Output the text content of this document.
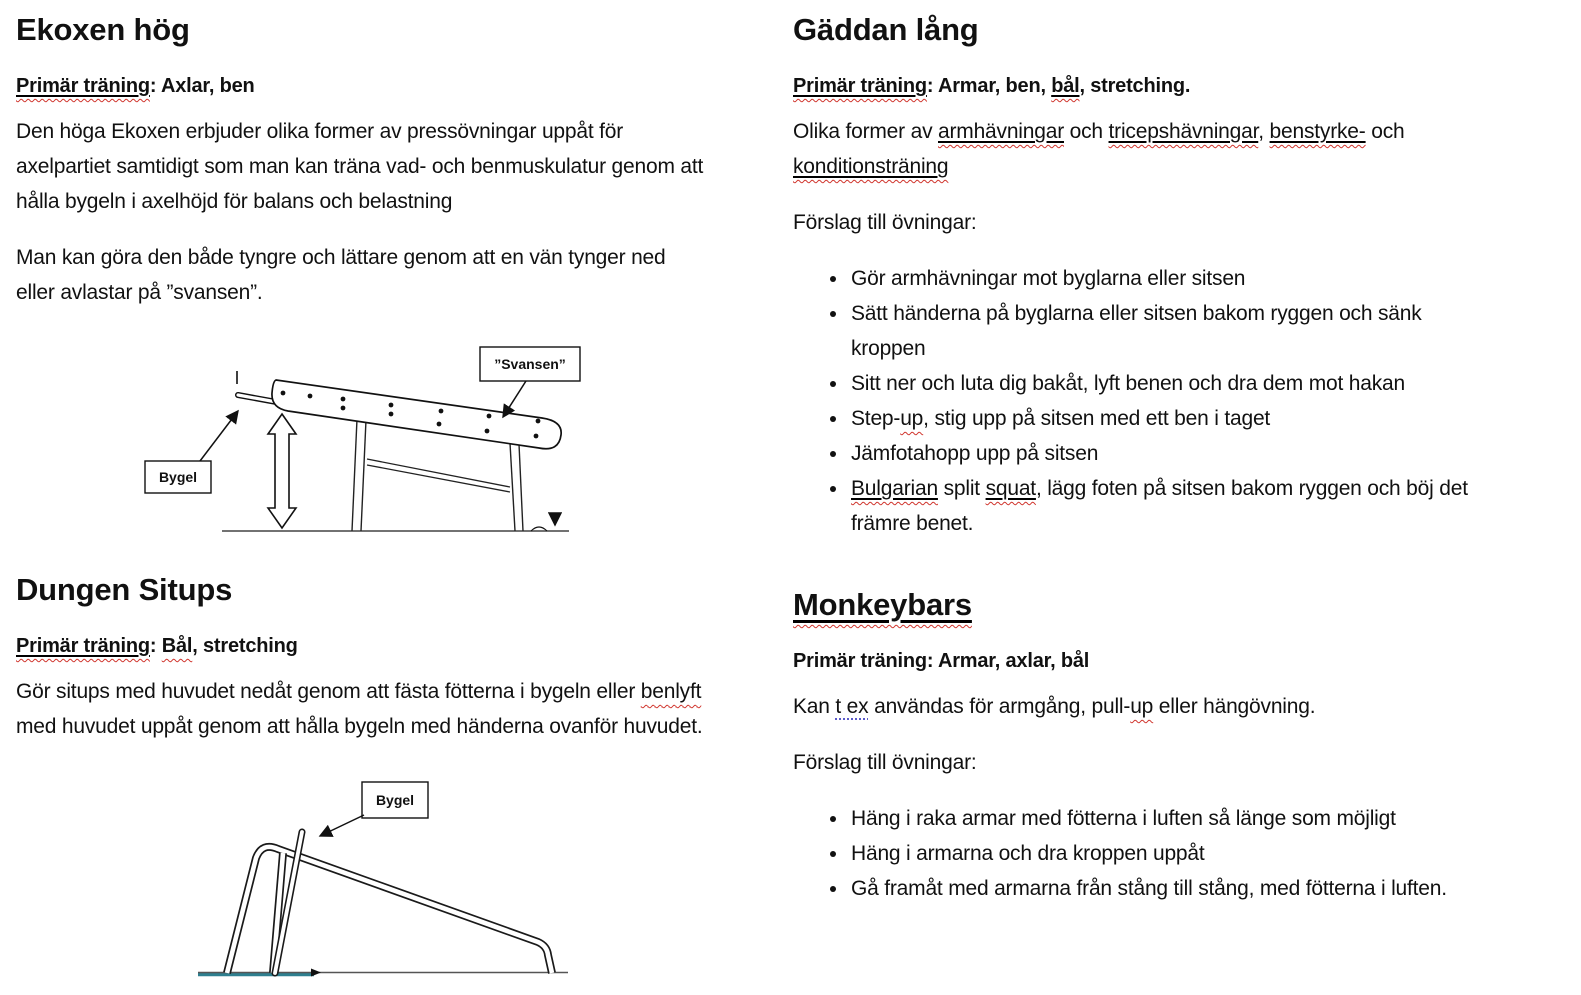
Ekoxen hög
Primär träning: Axlar, ben

Den höga Ekoxen erbjuder olika former av pressövningar uppåt för axelpartiet samtidigt som man kan träna vad- och benmuskulatur genom att hålla bygeln i axelhöjd för balans och belastning

Man kan göra den både tyngre och lättare genom att en vän tynger ned eller avlastar på ”svansen”.

”Svansen”
Bygel
Dungen Situps
Primär träning: Bål, stretching

Gör situps med huvudet nedåt genom att fästa fötterna i bygeln eller benlyft med huvudet uppåt genom att hålla bygeln med händerna ovanför huvudet.

Bygel
Gäddan lång
Primär träning: Armar, ben, bål, stretching.

Olika former av armhävningar och tricepshävningar, benstyrke- och konditionsträning

Förslag till övningar:

• Gör armhävningar mot byglarna eller sitsen
• Sätt händerna på byglarna eller sitsen bakom ryggen och sänk kroppen
• Sitt ner och luta dig bakåt, lyft benen och dra dem mot hakan
• Step-up, stig upp på sitsen med ett ben i taget
• Jämfotahopp upp på sitsen
• Bulgarian split squat, lägg foten på sitsen bakom ryggen och böj det främre benet.
Monkeybars
Primär träning: Armar, axlar, bål

Kan t ex användas för armgång, pull-up eller hängövning.

Förslag till övningar:

• Häng i raka armar med fötterna i luften så länge som möjligt
• Häng i armarna och dra kroppen uppåt
• Gå framåt med armarna från stång till stång, med fötterna i luften.
